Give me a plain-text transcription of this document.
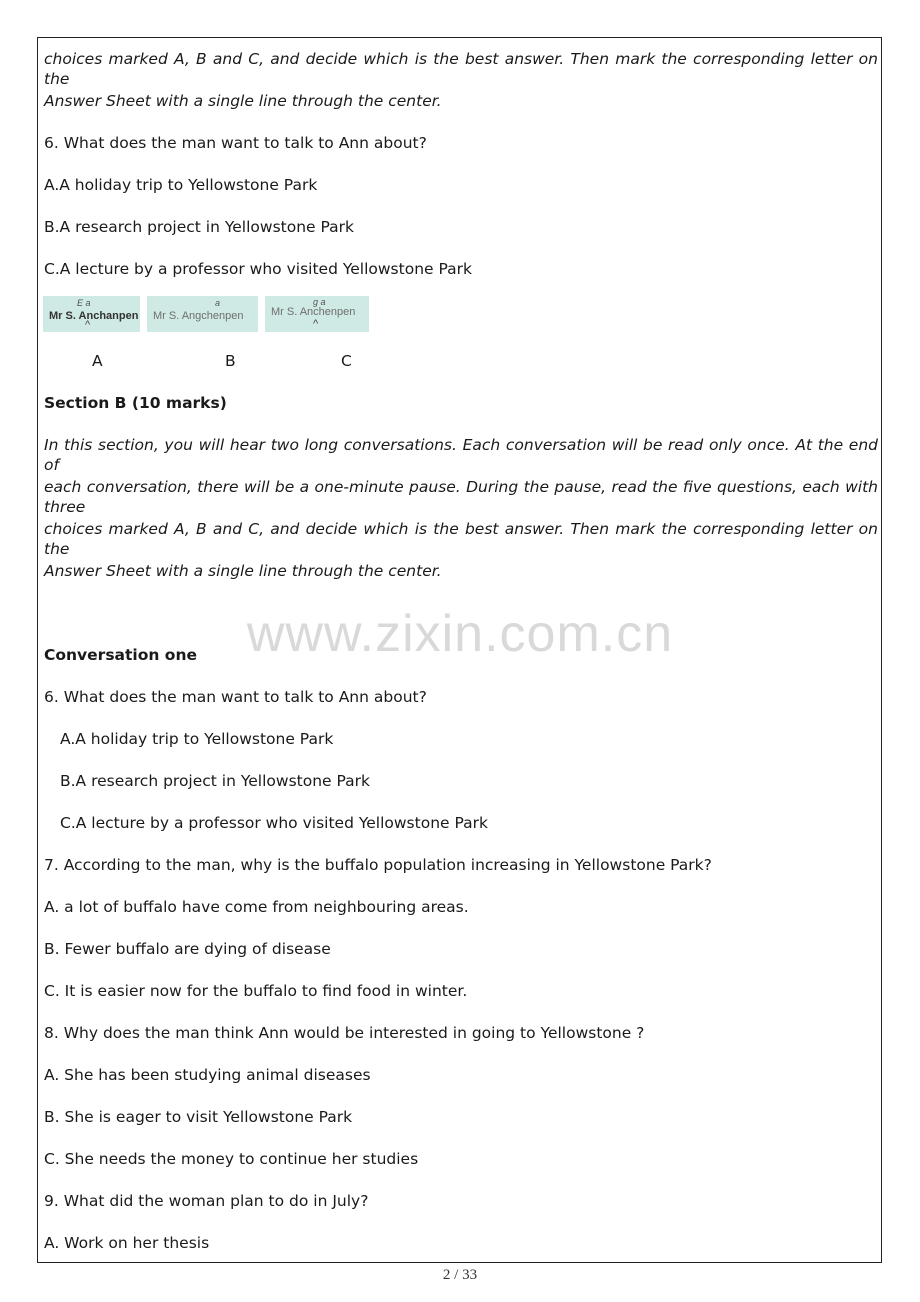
choices marked A, B and C, and decide which is the best answer. Then mark the corresponding letter on the
Answer Sheet with a single line through the center.
6. What does the man want to talk to Ann about?
A.A holiday trip to Yellowstone Park
B.A research project in Yellowstone Park
C.A lecture by a professor who visited Yellowstone Park
E a
Mr S. Anchanpen
^
a
Mr S. Angchenpen
g a
Mr S. Anchenpen
^
A	B	C
Section B (10 marks)
In this section, you will hear two long conversations. Each conversation will be read only once. At the end of
each conversation, there will be a one-minute pause. During the pause, read the five questions, each with three
choices marked A, B and C, and decide which is the best answer. Then mark the corresponding letter on the
Answer Sheet with a single line through the center.
www.zixin.com.cn
Conversation one
6. What does the man want to talk to Ann about?
A.A holiday trip to Yellowstone Park
B.A research project in Yellowstone Park
C.A lecture by a professor who visited Yellowstone Park
7. According to the man, why is the buffalo population increasing in Yellowstone Park?
A. a lot of buffalo have come from neighbouring areas.
B. Fewer buffalo are dying of disease
C. It is easier now for the buffalo to find food in winter.
8. Why does the man think Ann would be interested in going to Yellowstone ?
A. She has been studying animal diseases
B. She is eager to visit Yellowstone Park
C. She needs the money to continue her studies
9. What did the woman plan to do in July?
A. Work on her thesis
2 / 33
